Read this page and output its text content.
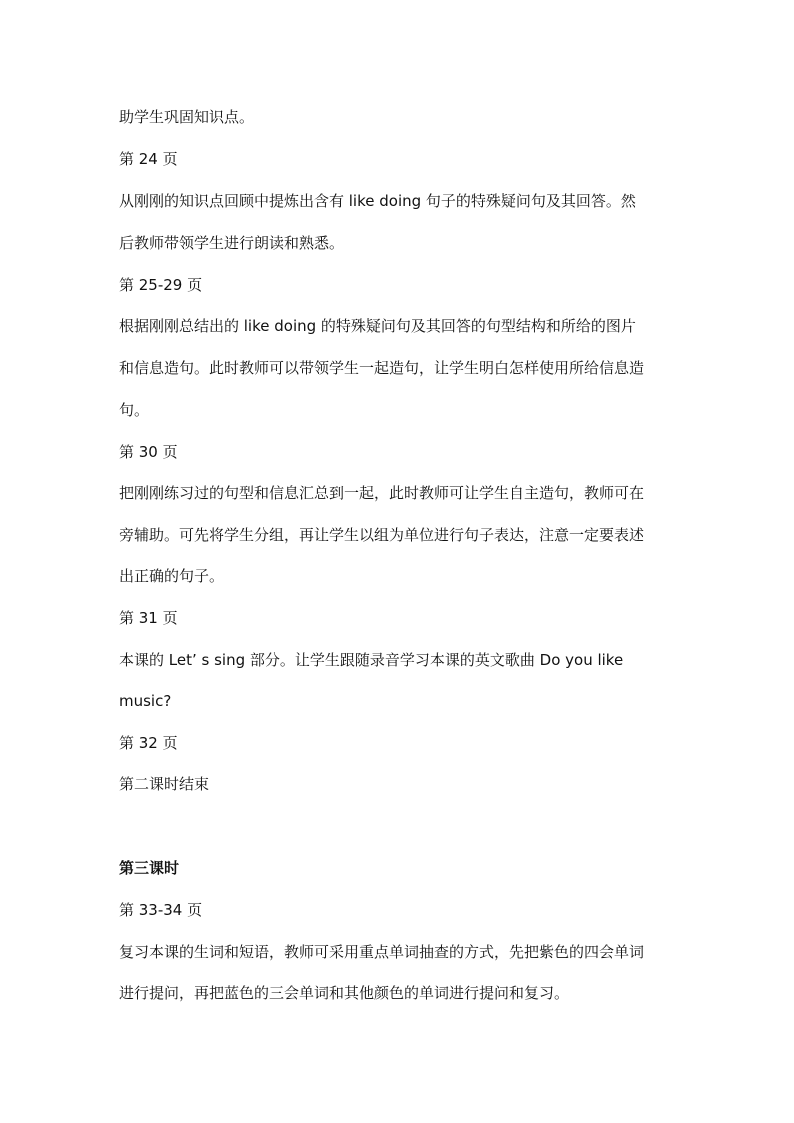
助学生巩固知识点。
第 24 页
从刚刚的知识点回顾中提炼出含有 like doing 句子的特殊疑问句及其回答。然
后教师带领学生进行朗读和熟悉。
第 25-29 页
根据刚刚总结出的 like doing 的特殊疑问句及其回答的句型结构和所给的图片
和信息造句。此时教师可以带领学生一起造句，让学生明白怎样使用所给信息造
句。
第 30 页
把刚刚练习过的句型和信息汇总到一起，此时教师可让学生自主造句，教师可在
旁辅助。可先将学生分组，再让学生以组为单位进行句子表达，注意一定要表述
出正确的句子。
第 31 页
本课的 Let’ s sing 部分。让学生跟随录音学习本课的英文歌曲 Do you like
music?
第 32 页
第二课时结束
第三课时
第 33-34 页
复习本课的生词和短语，教师可采用重点单词抽查的方式，先把紫色的四会单词
进行提问，再把蓝色的三会单词和其他颜色的单词进行提问和复习。
